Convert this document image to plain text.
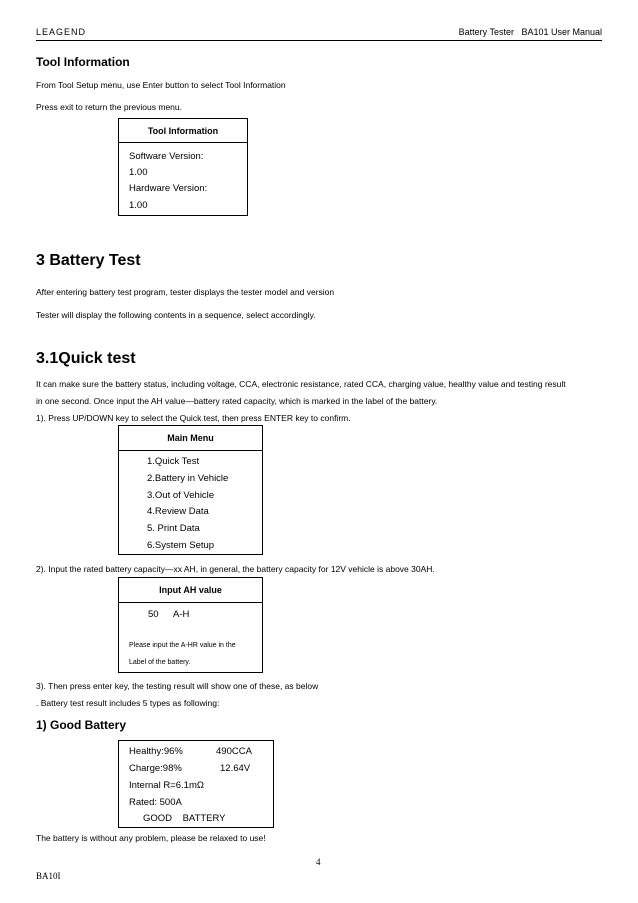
LEAGEND	Battery Tester   BA101 User Manual
Tool Information
From Tool Setup menu, use Enter button to select Tool Information
Press exit to return the previous menu.
Tool Information
Software Version:
1.00
Hardware Version:
1.00
3 Battery Test
After entering battery test program, tester displays the tester model and version
Tester will display the following contents in a sequence, select accordingly.
3.1Quick test
It can make sure the battery status, including voltage, CCA, electronic resistance, rated CCA, charging value, healthy value and testing result
in one second. Once input the AH value—battery rated capacity, which is marked in the label of the battery.
1). Press UP/DOWN key to select the Quick test, then press ENTER key to confirm.
Main Menu
1.Quick Test
2.Battery in Vehicle
3.Out of Vehicle
4.Review Data
5. Print Data
6.System Setup
2). Input the rated battery capacity—xx AH, in general, the battery capacity for 12V vehicle is above 30AH.
Input AH value
50 A-H
Please input the A-HR value in the
Label of the battery.
3). Then press enter key, the testing result will show one of these, as below
. Battery test result includes 5 types as following:
1) Good Battery
Healthy:96%	490CCA
Charge:98%	12.64V
Internal R=6.1mΩ
Rated: 500A
GOOD    BATTERY
The battery is without any problem, please be relaxed to use!
4
BA10I
